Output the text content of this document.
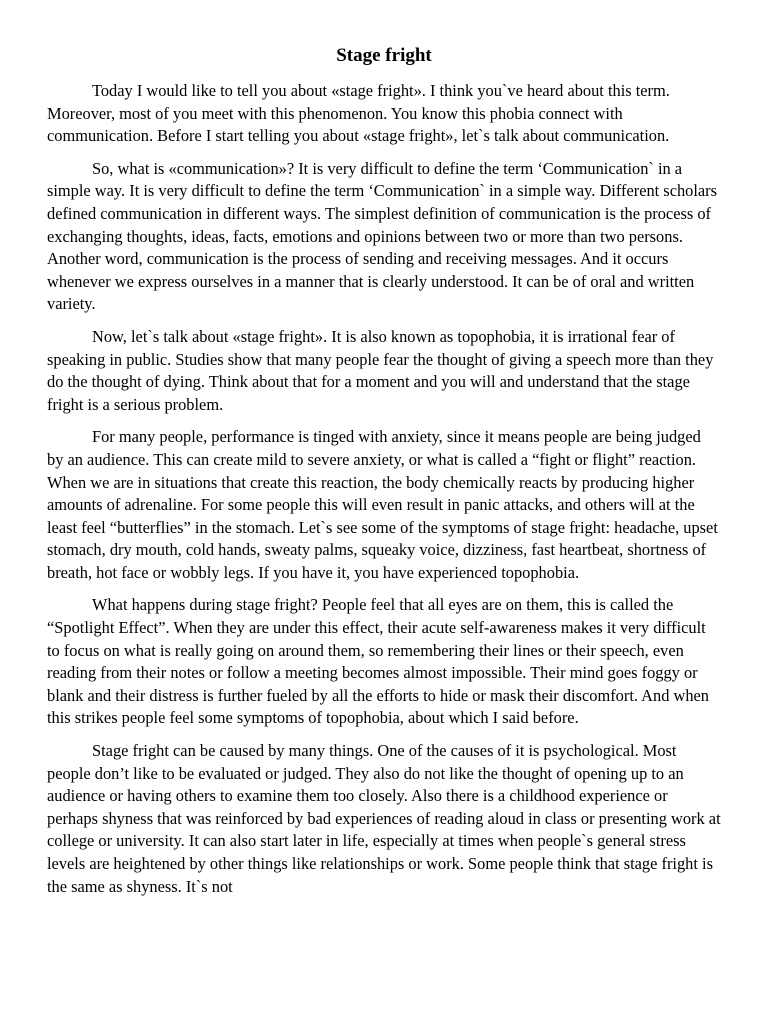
Stage fright

Today I would like to tell you about «stage fright». I think you`ve heard about this term. Moreover, most of you meet with this phenomenon. You know this phobia connect with communication. Before I start telling you about «stage fright», let`s talk about communication.

So, what is «communication»? It is very difficult to define the term ‘Communication` in a simple way. It is very difficult to define the term ‘Communication` in a simple way. Different scholars defined communication in different ways. The simplest definition of communication is the process of exchanging thoughts, ideas, facts, emotions and opinions between two or more than two persons. Another word, communication is the process of sending and receiving messages. And it occurs whenever we express ourselves in a manner that is clearly understood. It can be of oral and written variety.

Now, let`s talk about «stage fright». It is also known as topophobia, it is irrational fear of speaking in public. Studies show that many people fear the thought of giving a speech more than they do the thought of dying. Think about that for a moment and you will and understand that the stage fright is a serious problem.

For many people, performance is tinged with anxiety, since it means people are being judged by an audience. This can create mild to severe anxiety, or what is called a “fight or flight” reaction. When we are in situations that create this reaction, the body chemically reacts by producing higher amounts of adrenaline. For some people this will even result in panic attacks, and others will at the least feel “butterflies” in the stomach. Let`s see some of the symptoms of stage fright: headache, upset stomach, dry mouth, cold hands, sweaty palms, squeaky voice, dizziness, fast heartbeat, shortness of breath, hot face or wobbly legs. If you have it, you have experienced topophobia.

What happens during stage fright? People feel that all eyes are on them, this is called the “Spotlight Effect”. When they are under this effect, their acute self-awareness makes it very difficult to focus on what is really going on around them, so remembering their lines or their speech, even reading from their notes or follow a meeting becomes almost impossible. Their mind goes foggy or blank and their distress is further fueled by all the efforts to hide or mask their discomfort. And when this strikes people feel some symptoms of topophobia, about which I said before.

Stage fright can be caused by many things. One of the causes of it is psychological. Most people don’t like to be evaluated or judged. They also do not like the thought of opening up to an audience or having others to examine them too closely. Also there is a childhood experience or perhaps shyness that was reinforced by bad experiences of reading aloud in class or presenting work at college or university. It can also start later in life, especially at times when people`s general stress levels are heightened by other things like relationships or work. Some people think that stage fright is the same as shyness. It`s not
